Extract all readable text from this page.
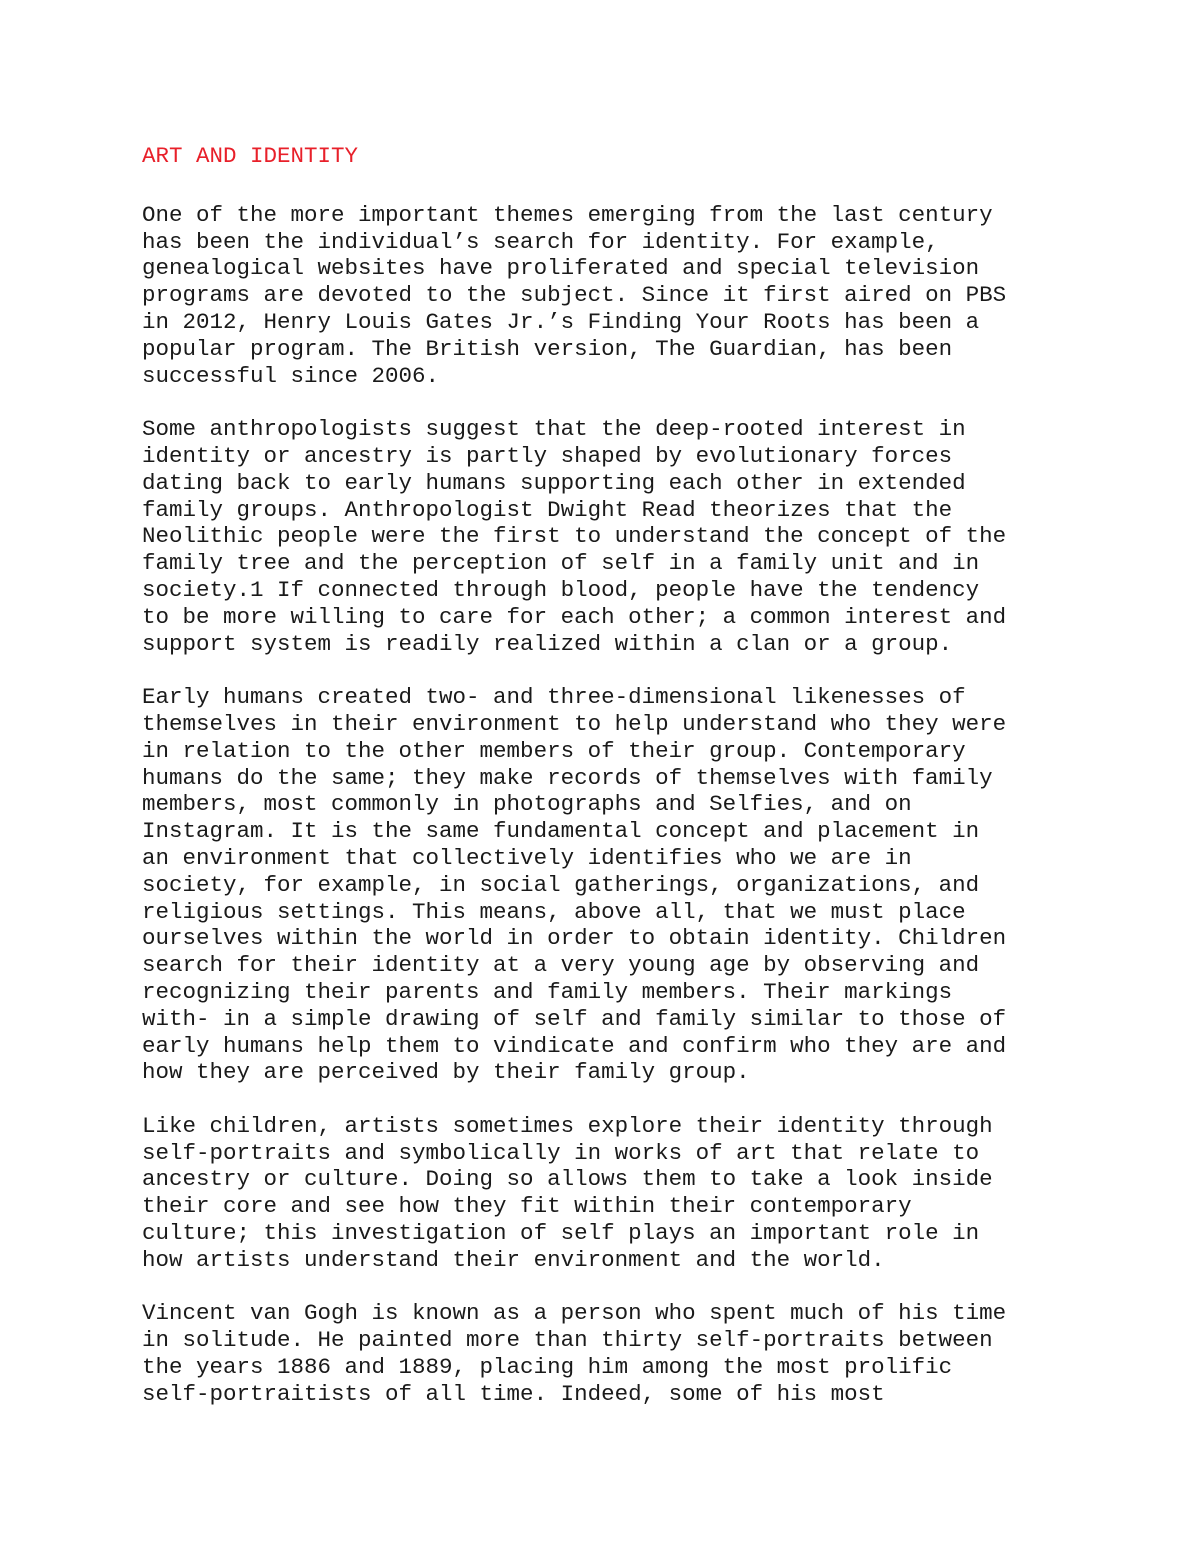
ART AND IDENTITY

One of the more important themes emerging from the last century
has been the individual’s search for identity. For example,
genealogical websites have proliferated and special television
programs are devoted to the subject. Since it first aired on PBS
in 2012, Henry Louis Gates Jr.’s Finding Your Roots has been a
popular program. The British version, The Guardian, has been
successful since 2006.

Some anthropologists suggest that the deep-rooted interest in
identity or ancestry is partly shaped by evolutionary forces
dating back to early humans supporting each other in extended
family groups. Anthropologist Dwight Read theorizes that the
Neolithic people were the first to understand the concept of the
family tree and the perception of self in a family unit and in
society.1 If connected through blood, people have the tendency
to be more willing to care for each other; a common interest and
support system is readily realized within a clan or a group.

Early humans created two- and three-dimensional likenesses of
themselves in their environment to help understand who they were
in relation to the other members of their group. Contemporary
humans do the same; they make records of themselves with family
members, most commonly in photographs and Selfies, and on
Instagram. It is the same fundamental concept and placement in
an environment that collectively identifies who we are in
society, for example, in social gatherings, organizations, and
religious settings. This means, above all, that we must place
ourselves within the world in order to obtain identity. Children
search for their identity at a very young age by observing and
recognizing their parents and family members. Their markings
with- in a simple drawing of self and family similar to those of
early humans help them to vindicate and confirm who they are and
how they are perceived by their family group.

Like children, artists sometimes explore their identity through
self-portraits and symbolically in works of art that relate to
ancestry or culture. Doing so allows them to take a look inside
their core and see how they fit within their contemporary
culture; this investigation of self plays an important role in
how artists understand their environment and the world.

Vincent van Gogh is known as a person who spent much of his time
in solitude. He painted more than thirty self-portraits between
the years 1886 and 1889, placing him among the most prolific
self-portraitists of all time. Indeed, some of his most
